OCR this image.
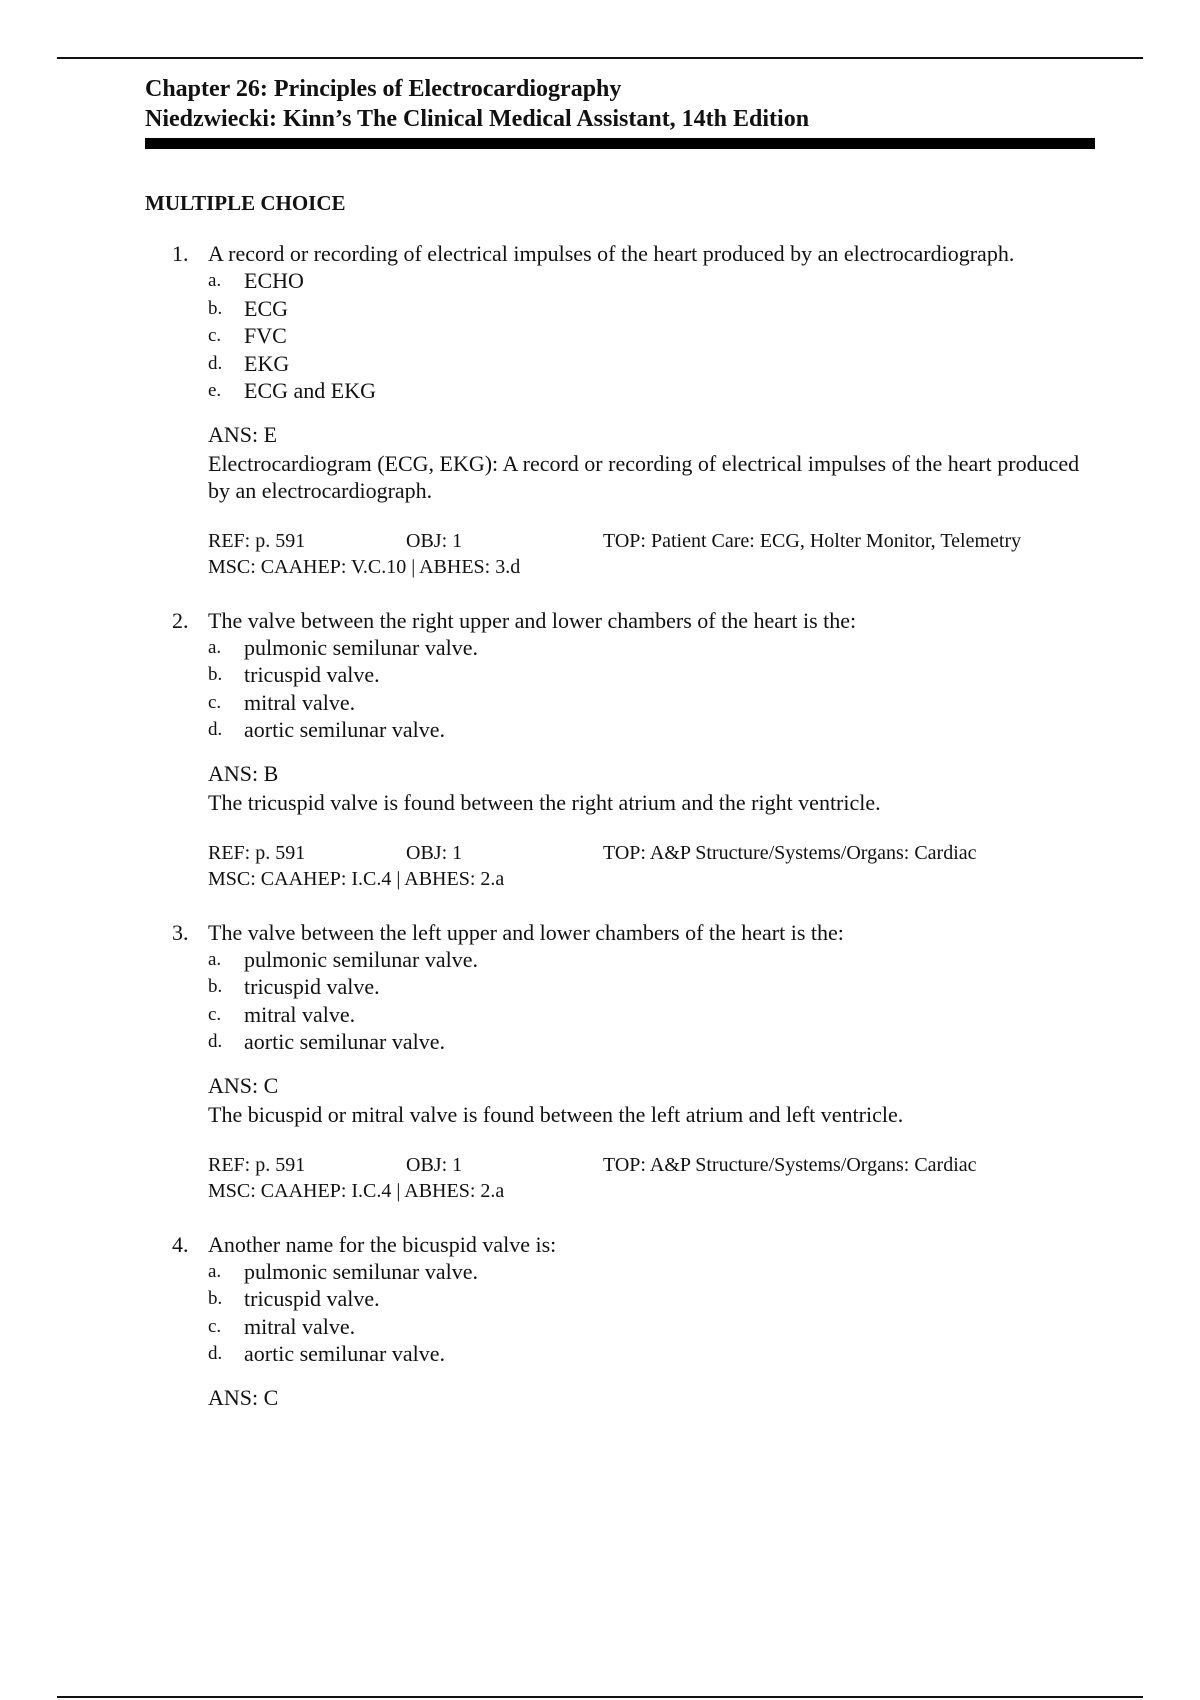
Chapter 26: Principles of Electrocardiography
Niedzwiecki: Kinn’s The Clinical Medical Assistant, 14th Edition
MULTIPLE CHOICE
1. A record or recording of electrical impulses of the heart produced by an electrocardiograph.

a.	ECHO
b. ECG
c.	FVC
d. EKG
e.	ECG and EKG

ANS: E

Electrocardiogram (ECG, EKG): A record or recording of electrical impulses of the heart produced by an electrocardiograph.

REF: p. 591	OBJ: 1	TOP: Patient Care: ECG, Holter Monitor, Telemetry
MSC: CAAHEP: V.C.10 | ABHES: 3.d
2. The valve between the right upper and lower chambers of the heart is the:

a.	pulmonic semilunar valve.
b. tricuspid valve.
c.	mitral valve.
d. aortic semilunar valve.

ANS: B

The tricuspid valve is found between the right atrium and the right ventricle.

REF: p. 591	OBJ: 1	TOP: A&P Structure/Systems/Organs: Cardiac
MSC: CAAHEP: I.C.4 | ABHES: 2.a
3. The valve between the left upper and lower chambers of the heart is the:

a.	pulmonic semilunar valve.
b. tricuspid valve.
c.	mitral valve.
d. aortic semilunar valve.

ANS: C

The bicuspid or mitral valve is found between the left atrium and left ventricle.

REF: p. 591	OBJ: 1	TOP: A&P Structure/Systems/Organs: Cardiac
MSC: CAAHEP: I.C.4 | ABHES: 2.a
4. Another name for the bicuspid valve is:

a.	pulmonic semilunar valve.
b. tricuspid valve.
c.	mitral valve.
d. aortic semilunar valve.

ANS: C
